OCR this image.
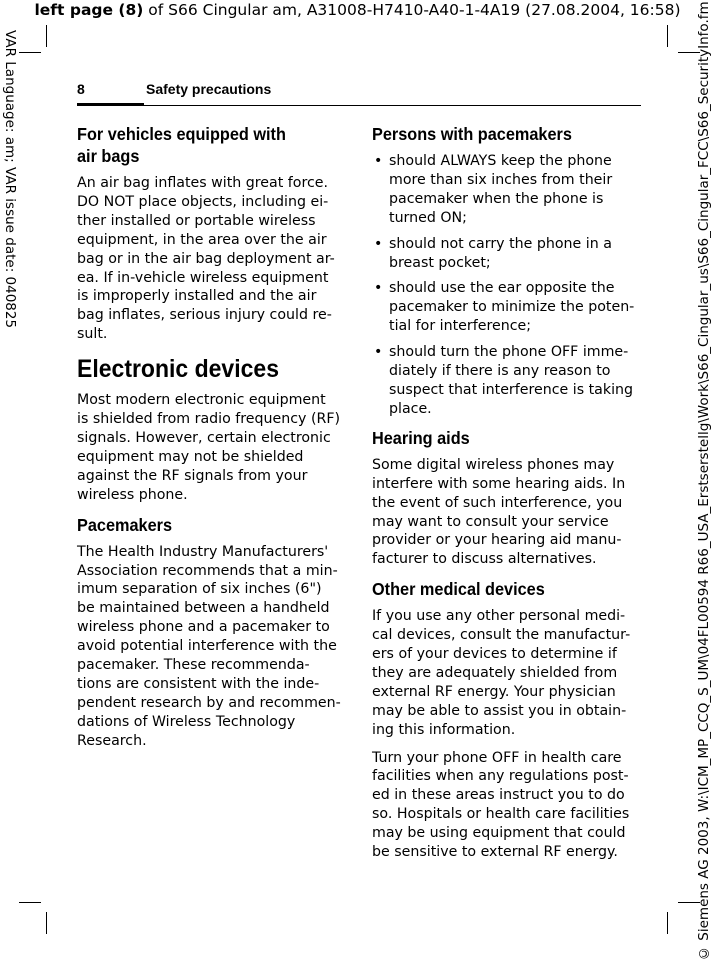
left page (8) of S66 Cingular am, A31008-H7410-A40-1-4A19 (27.08.2004, 16:58)
VAR Language: am; VAR issue date: 040825	© Siemens AG 2003, W:\ICM_MP_CCQ_S_UM\04FL00594 R66_USA_Erstserstellg\Work\S66_Cingular_us\S66_Cingular_FCC\S66_SecurityInfo.fm
8	Safety precautions
For vehicles equipped with
air bags

An air bag inflates with great force.
DO NOT place objects, including ei-
ther installed or portable wireless
equipment, in the area over the air
bag or in the air bag deployment ar-
ea. If in-vehicle wireless equipment
is improperly installed and the air
bag inflates, serious injury could re-
sult.

Electronic devices

Most modern electronic equipment
is shielded from radio frequency (RF)
signals. However, certain electronic
equipment may not be shielded
against the RF signals from your
wireless phone.

Pacemakers

The Health Industry Manufacturers'
Association recommends that a min-
imum separation of six inches (6")
be maintained between a handheld
wireless phone and a pacemaker to
avoid potential interference with the
pacemaker. These recommenda-
tions are consistent with the inde-
pendent research by and recommen-
dations of Wireless Technology
Research.

Persons with pacemakers
• should ALWAYS keep the phone
more than six inches from their
pacemaker when the phone is
turned ON;
• should not carry the phone in a
breast pocket;
• should use the ear opposite the
pacemaker to minimize the poten-
tial for interference;
• should turn the phone OFF imme-
diately if there is any reason to
suspect that interference is taking
place.
Hearing aids

Some digital wireless phones may
interfere with some hearing aids. In
the event of such interference, you
may want to consult your service
provider or your hearing aid manu-
facturer to discuss alternatives.

Other medical devices

If you use any other personal medi-
cal devices, consult the manufactur-
ers of your devices to determine if
they are adequately shielded from
external RF energy. Your physician
may be able to assist you in obtain-
ing this information.

Turn your phone OFF in health care
facilities when any regulations post-
ed in these areas instruct you to do
so. Hospitals or health care facilities
may be using equipment that could
be sensitive to external RF energy.
